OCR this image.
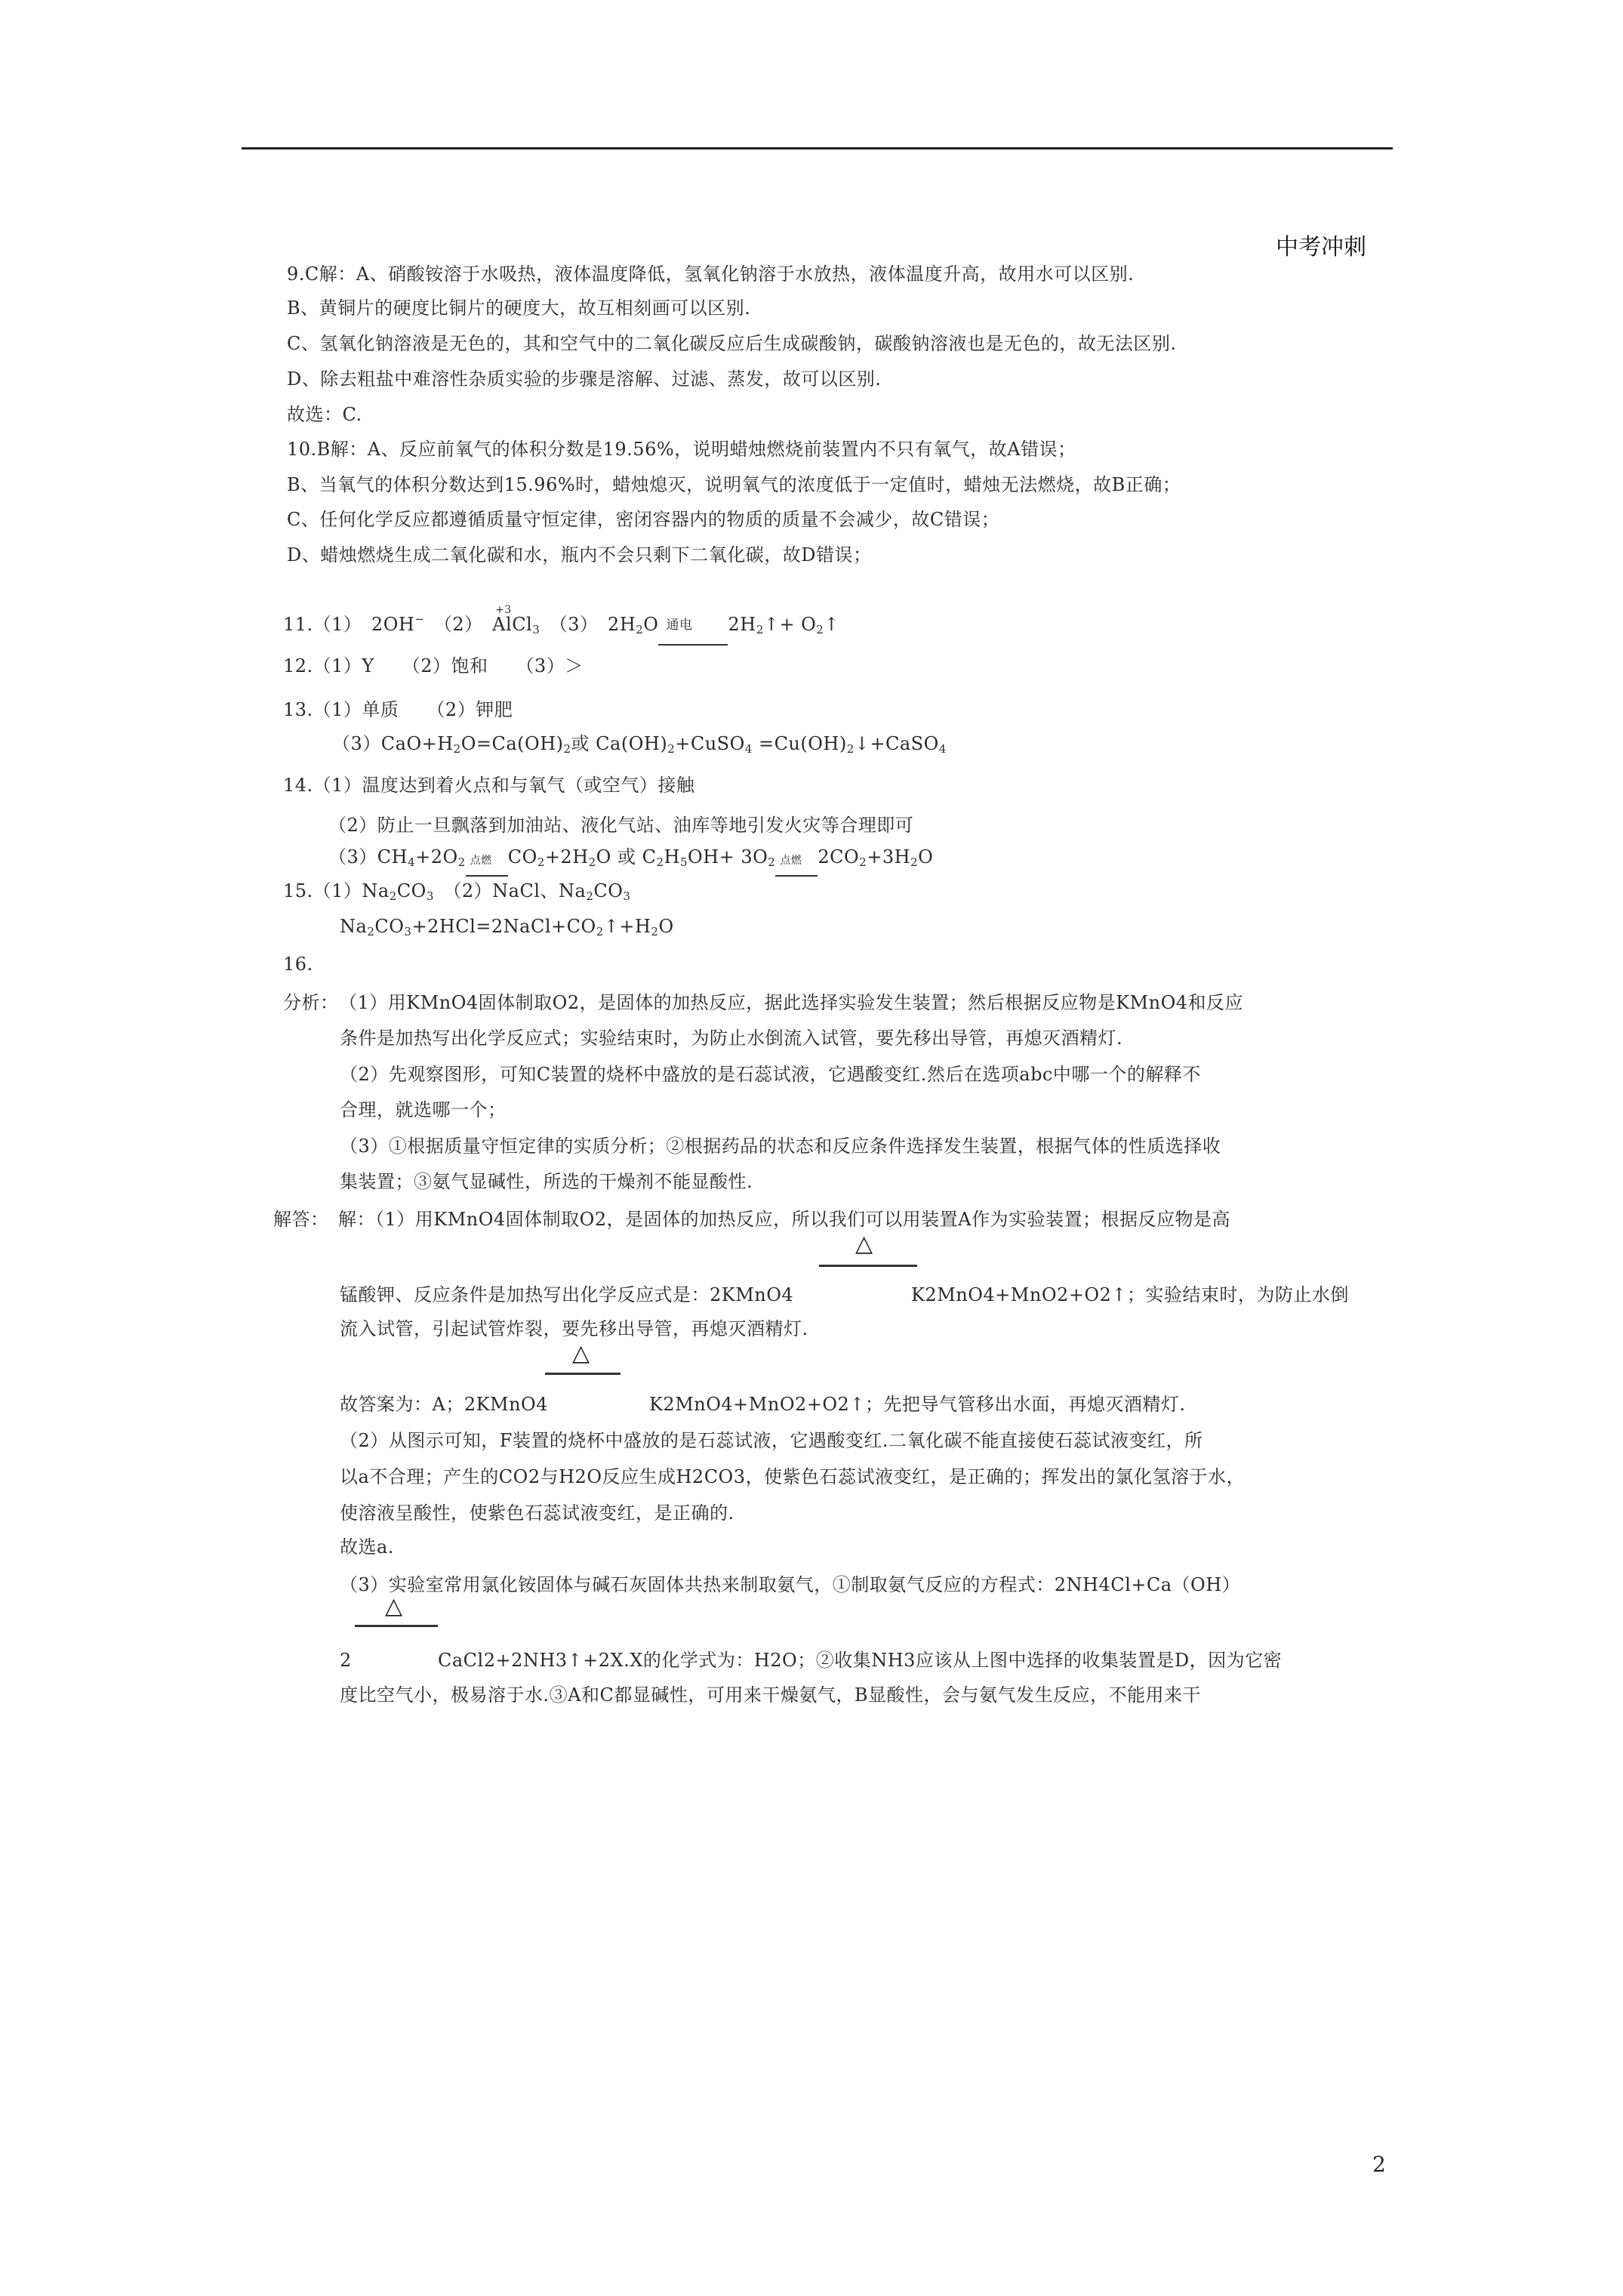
中考冲刺
9.C解：A、硝酸铵溶于水吸热，液体温度降低，氢氧化钠溶于水放热，液体温度升高，故用水可以区别.
B、黄铜片的硬度比铜片的硬度大，故互相刻画可以区别.
C、氢氧化钠溶液是无色的，其和空气中的二氧化碳反应后生成碳酸钠，碳酸钠溶液也是无色的，故无法区别.
D、除去粗盐中难溶性杂质实验的步骤是溶解、过滤、蒸发，故可以区别.
故选：C.
10.B解：A、反应前氧气的体积分数是19.56%，说明蜡烛燃烧前装置内不只有氧气，故A错误；
B、当氧气的体积分数达到15.96%时，蜡烛熄灭，说明氧气的浓度低于一定值时，蜡烛无法燃烧，故B正确；
C、任何化学反应都遵循质量守恒定律，密闭容器内的物质的质量不会减少，故C错误；
D、蜡烛燃烧生成二氧化碳和水，瓶内不会只剩下二氧化碳，故D错误；
11.（1）　2OH−　（2）　Al
+3
$Cl_3$　（3）　$2H_2O$ 通电 $2H_2↑+$ $O_2↑$
12.（1）Y　　（2）饱和　　（3）＞
13.（1）单质　　（2）钾肥
$(3)CaO+H_2O=Ca(OH)_2$或 $Ca(OH)_2+CuSO_4$ $=Cu(OH)_2↓+CaSO_4$
14.（1）温度达到着火点和与氧气（或空气）接触
（2）防止一旦飘落到加油站、液化气站、油库等地引发火灾等合理即可
$(3)CH_4+2O_2$ 点燃 $CO_2+2H_2O$ 或 $C_2H_5OH+ 3O_2$ 点燃 $2CO_2+3H_2O$
$15.(1)Na_2CO_3$　（2）NaCl、$Na_2CO_3$
$Na_2CO_3+2HCl=2NaCl+CO_2↑+H_2O$
16.
分析：　（1）用KMnO4固体制取O2，是固体的加热反应，据此选择实验发生装置；然后根据反应物是KMnO4和反应
条件是加热写出化学反应式；实验结束时，为防止水倒流入试管，要先移出导管，再熄灭酒精灯.
（2）先观察图形，可知C装置的烧杯中盛放的是石蕊试液，它遇酸变红.然后在选项abc中哪一个的解释不
合理，就选哪一个；
（3）①根据质量守恒定律的实质分析；②根据药品的状态和反应条件选择发生装置，根据气体的性质选择收
集装置；③氨气显碱性，所选的干燥剂不能显酸性.
解答：　解：（1）用KMnO4固体制取O2，是固体的加热反应，所以我们可以用装置A作为实验装置；根据反应物是高
△
锰酸钾、反应条件是加热写出化学反应式是：2KMnO4	K2MnO4+MnO2+O2↑；实验结束时，为防止水倒
流入试管，引起试管炸裂，要先移出导管，再熄灭酒精灯.
△
故答案为：A；2KMnO4	K2MnO4+MnO2+O2↑；先把导气管移出水面，再熄灭酒精灯.
（2）从图示可知，F装置的烧杯中盛放的是石蕊试液，它遇酸变红.二氧化碳不能直接使石蕊试液变红，所
以a不合理；产生的CO2与H2O反应生成H2CO3，使紫色石蕊试液变红，是正确的；挥发出的氯化氢溶于水，
使溶液呈酸性，使紫色石蕊试液变红，是正确的.
故选a.
（3）实验室常用氯化铵固体与碱石灰固体共热来制取氨气，①制取氨气反应的方程式：2NH4Cl+Ca（OH）
△
2	CaCl2+2NH3↑+2X.X的化学式为：H2O；②收集NH3应该从上图中选择的收集装置是D，因为它密
度比空气小，极易溶于水.③A和C都显碱性，可用来干燥氨气，B显酸性，会与氨气发生反应，不能用来干
2
